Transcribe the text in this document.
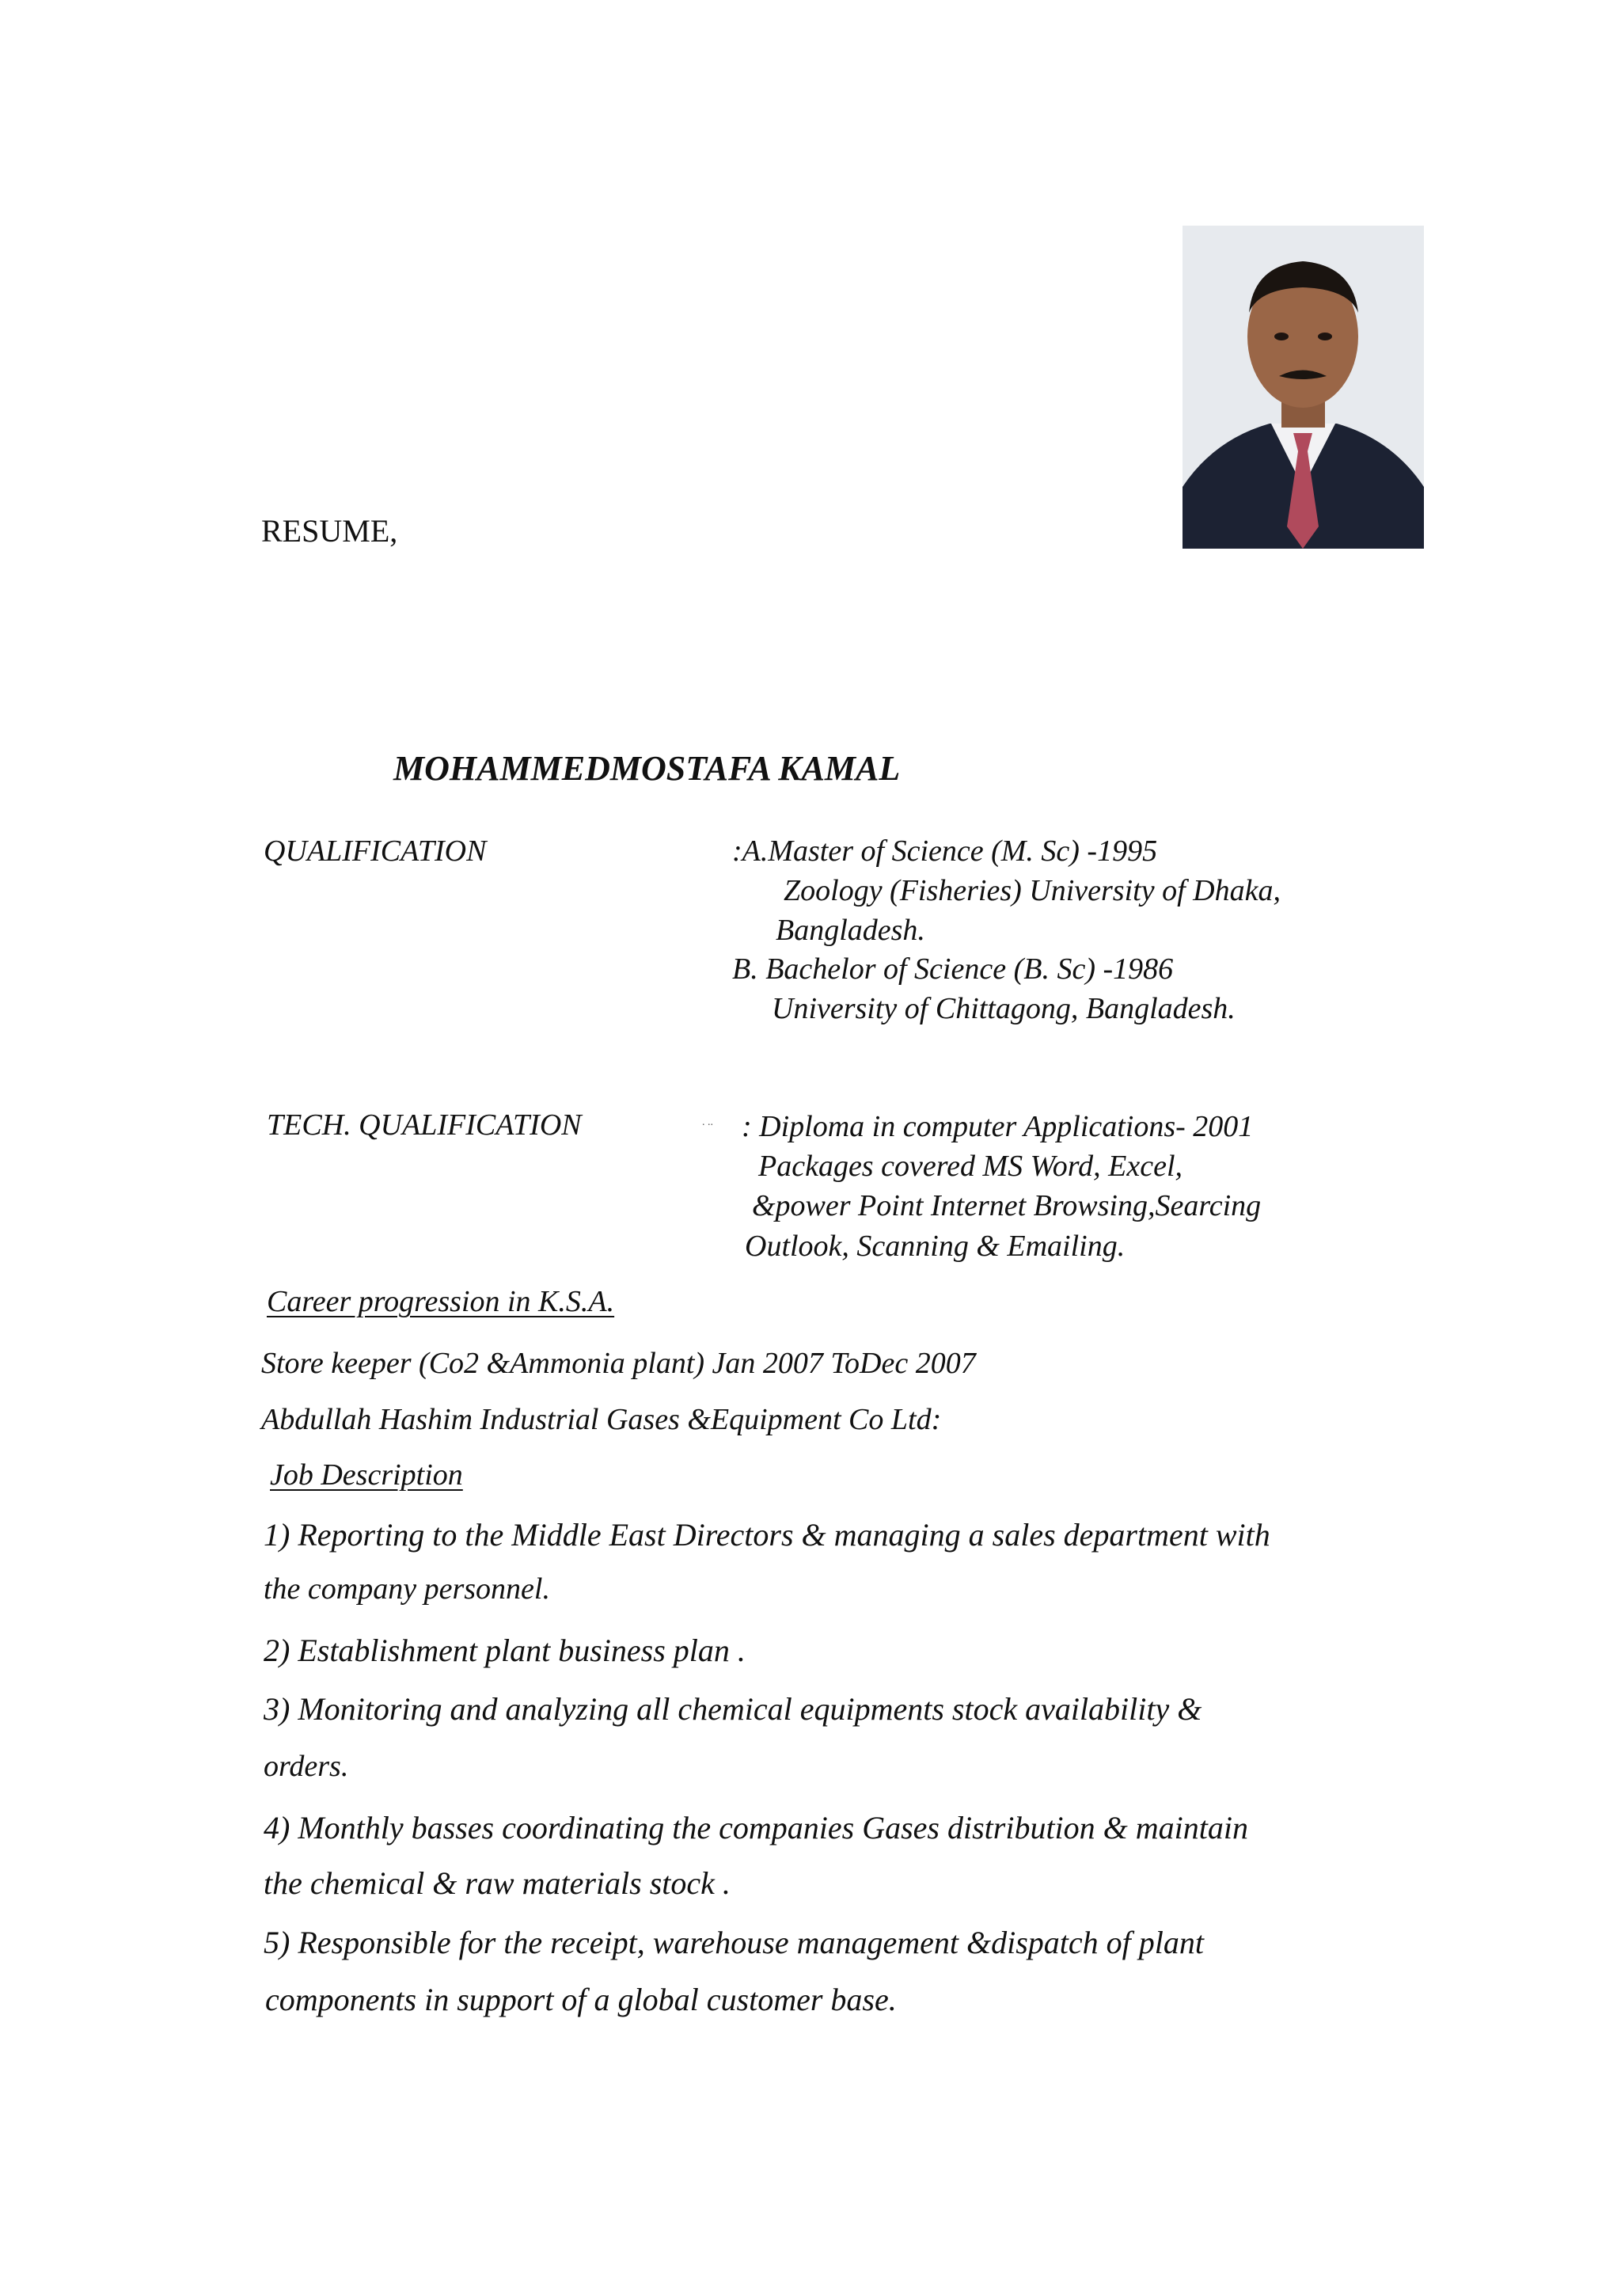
RESUME,
MOHAMMEDMOSTAFA KAMAL
QUALIFICATION	:A.Master of Science (M. Sc) -1995
Zoology (Fisheries) University of Dhaka,
Bangladesh.
B. Bachelor of Science (B. Sc) -1986
University of Chittagong, Bangladesh.
TECH. QUALIFICATION	. .. : Diploma in computer Applications- 2001
Packages covered MS Word, Excel,
&power Point Internet Browsing,Searcing
Outlook, Scanning & Emailing.
Career progression in K.S.A.
Store keeper (Co2 &Ammonia plant) Jan 2007 ToDec 2007
Abdullah Hashim Industrial Gases &Equipment Co Ltd:
Job Description
1) Reporting to the Middle East Directors & managing a sales department with
the company personnel.
2) Establishment plant business plan .
3) Monitoring and analyzing all chemical equipments stock availability &
orders.
4) Monthly basses coordinating the companies Gases distribution & maintain
the chemical & raw materials stock .
5) Responsible for the receipt, warehouse management &dispatch of plant
components in support of a global customer base.
